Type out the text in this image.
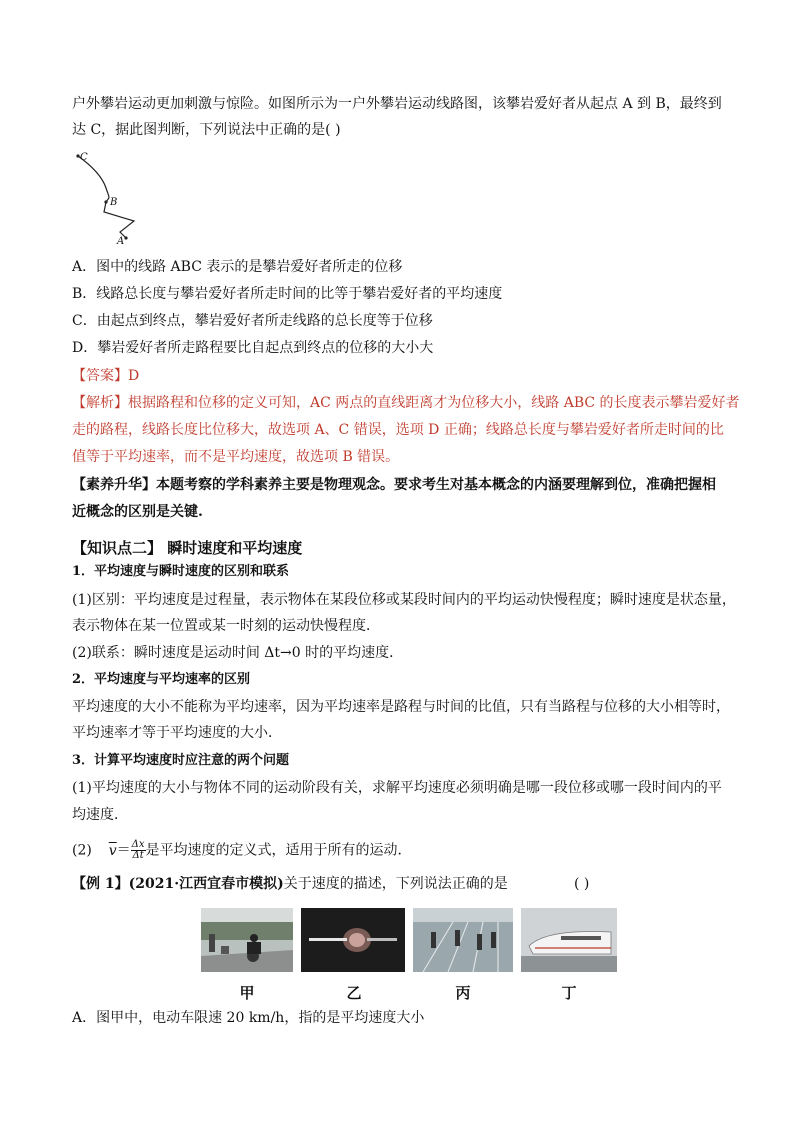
户外攀岩运动更加刺激与惊险。如图所示为一户外攀岩运动线路图，该攀岩爱好者从起点 A 到 B，最终到
达 C，据此图判断，下列说法中正确的是( )
C
B
A
A．图中的线路 ABC 表示的是攀岩爱好者所走的位移
B．线路总长度与攀岩爱好者所走时间的比等于攀岩爱好者的平均速度
C．由起点到终点，攀岩爱好者所走线路的总长度等于位移
D．攀岩爱好者所走路程要比自起点到终点的位移的大小大
【答案】D
【解析】根据路程和位移的定义可知，AC 两点的直线距离才为位移大小，线路 ABC 的长度表示攀岩爱好者
走的路程，线路长度比位移大，故选项 A、C 错误，选项 D 正确；线路总长度与攀岩爱好者所走时间的比
值等于平均速率，而不是平均速度，故选项 B 错误。
【素养升华】本题考察的学科素养主要是物理观念。要求考生对基本概念的内涵要理解到位，准确把握相
近概念的区别是关键.
【知识点二】 瞬时速度和平均速度
1．平均速度与瞬时速度的区别和联系
(1)区别：平均速度是过程量，表示物体在某段位移或某段时间内的平均运动快慢程度；瞬时速度是状态量，
表示物体在某一位置或某一时刻的运动快慢程度．
(2)联系：瞬时速度是运动时间 Δt→0 时的平均速度．
2．平均速度与平均速率的区别
平均速度的大小不能称为平均速率，因为平均速率是路程与时间的比值，只有当路程与位移的大小相等时，
平均速率才等于平均速度的大小．
3．计算平均速度时应注意的两个问题
(1)平均速度的大小与物体不同的运动阶段有关，求解平均速度必须明确是哪一段位移或哪一段时间内的平
均速度．
(2) $\overline{v}= \frac{\Delta x}{\Delta t}$ 是平均速度的定义式，适用于所有的运动．
【例 1】(2021·江西宜春市模拟)关于速度的描述，下列说法正确的是	( )
甲	乙	丙	丁
A．图甲中，电动车限速 20 km/h，指的是平均速度大小
